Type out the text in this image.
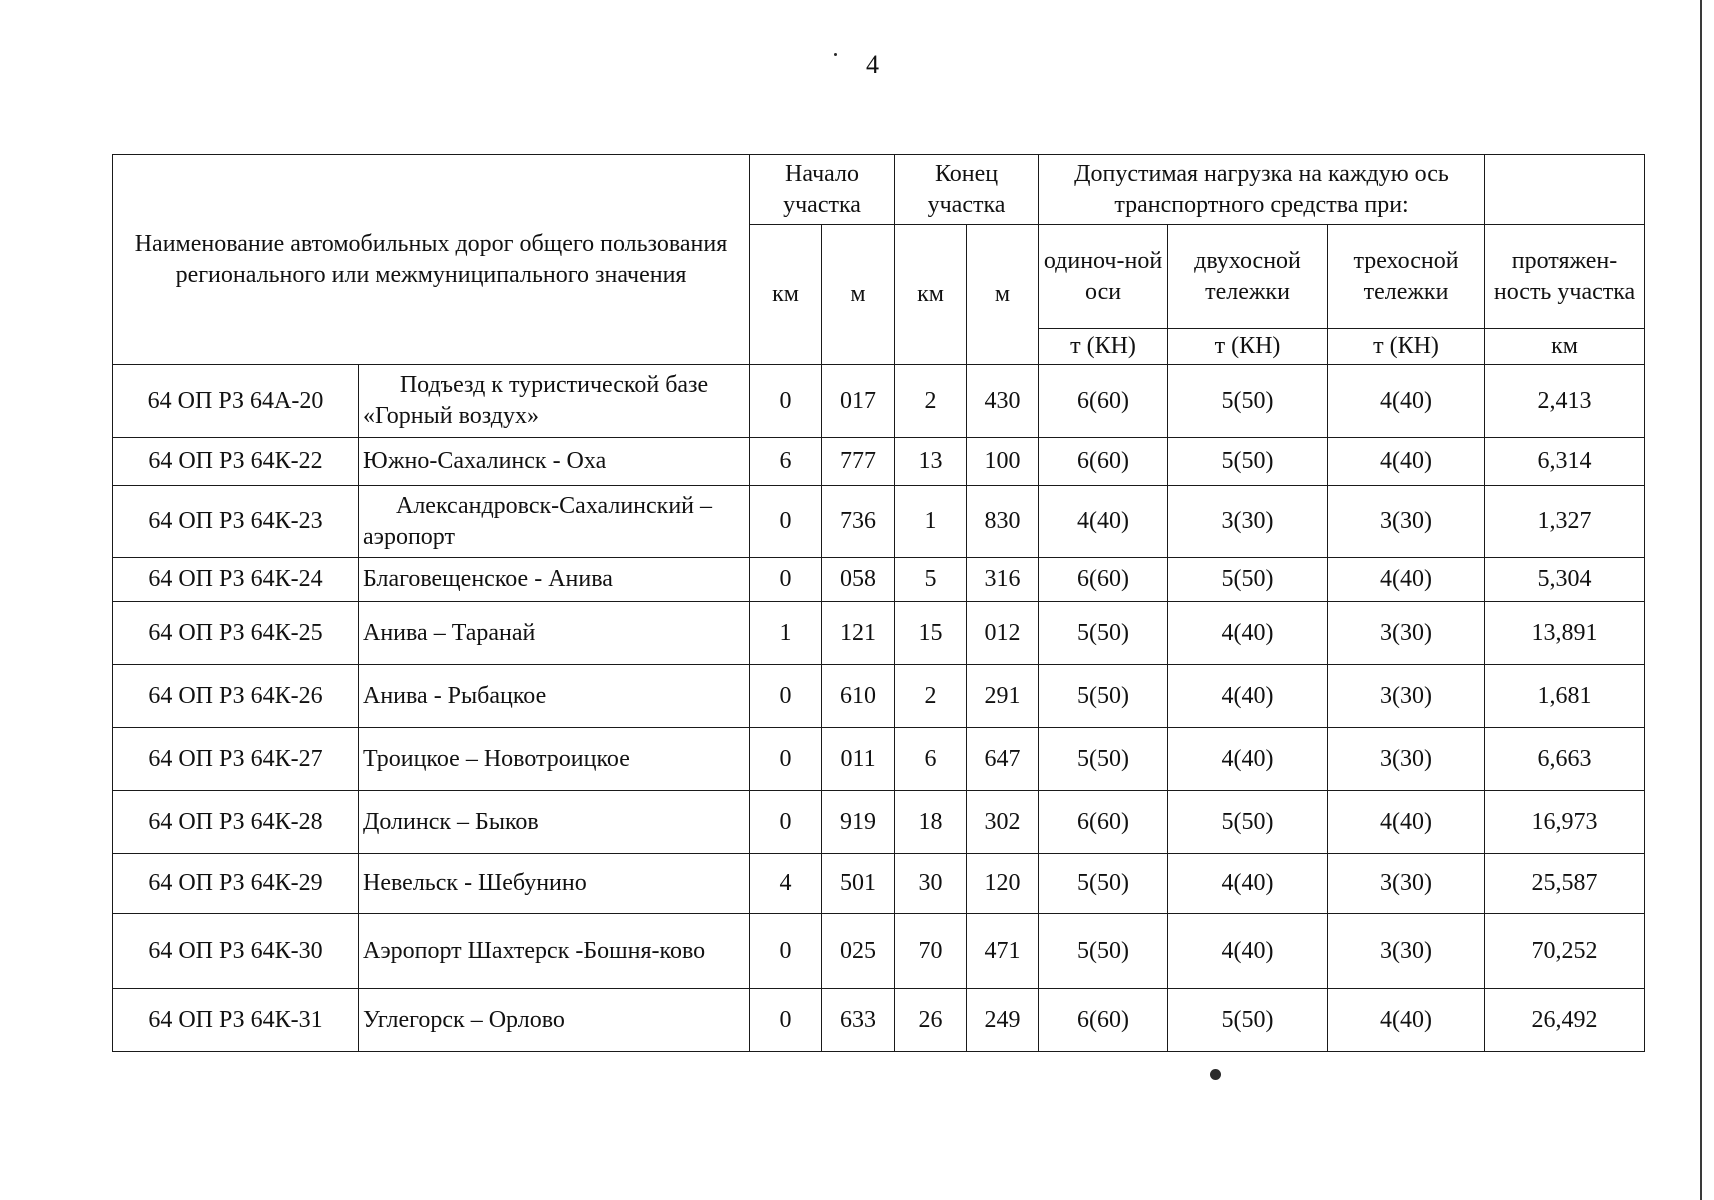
4
Наименование автомобильных дорог общего пользования регионального или межмуниципального значения		Начало участка		Конец участка		Допустимая нагрузка на каждую ось транспортного средства при:			
		км	м	км	м	одиноч-ной оси	двухосной тележки	трехосной тележки	протяжен-ность участка
						т (КН)	т (КН)	т (КН)	км
64 ОП РЗ 64А-20	Подъезд к туристической базе «Горный воздух»	0	017	2	430	6(60)	5(50)	4(40)	2,413
64 ОП РЗ 64К-22	Южно-Сахалинск - Оха	6	777	13	100	6(60)	5(50)	4(40)	6,314
64 ОП РЗ 64К-23	Александровск-Сахалинский – аэропорт	0	736	1	830	4(40)	3(30)	3(30)	1,327
64 ОП РЗ 64К-24	Благовещенское - Анива	0	058	5	316	6(60)	5(50)	4(40)	5,304
64 ОП РЗ 64К-25	Анива – Таранай	1	121	15	012	5(50)	4(40)	3(30)	13,891
64 ОП РЗ 64К-26	Анива - Рыбацкое	0	610	2	291	5(50)	4(40)	3(30)	1,681
64 ОП РЗ 64К-27	Троицкое – Новотроицкое	0	011	6	647	5(50)	4(40)	3(30)	6,663
64 ОП РЗ 64К-28	Долинск – Быков	0	919	18	302	6(60)	5(50)	4(40)	16,973
64 ОП РЗ 64К-29	Невельск - Шебунино	4	501	30	120	5(50)	4(40)	3(30)	25,587
64 ОП РЗ 64К-30	Аэропорт Шахтерск -Бошня-ково	0	025	70	471	5(50)	4(40)	3(30)	70,252
64 ОП РЗ 64К-31	Углегорск – Орлово	0	633	26	249	6(60)	5(50)	4(40)	26,492
